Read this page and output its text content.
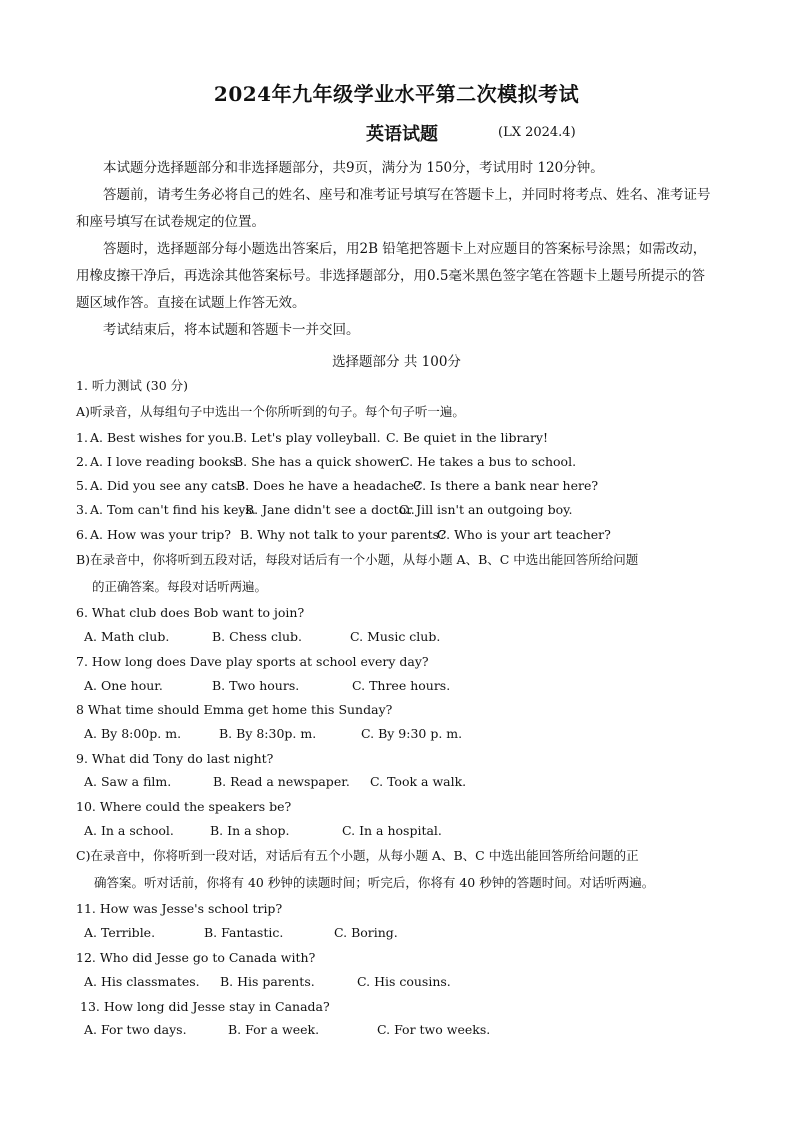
2024年九年级学业水平第二次模拟考试
英语试题	(LX 2024.4)
本试题分选择题部分和非选择题部分，共9页，满分为 150分，考试用时 120分钟。
答题前，请考生务必将自己的姓名、座号和准考证号填写在答题卡上，并同时将考点、姓名、准考证号和座号填写在试卷规定的位置。
答题时，选择题部分每小题选出答案后，用2B 铅笔把答题卡上对应题目的答案标号涂黑；如需改动，用橡皮擦干净后，再选涂其他答案标号。非选择题部分，用0.5毫米黑色签字笔在答题卡上题号所提示的答题区域作答。直接在试题上作答无效。
考试结束后，将本试题和答题卡一并交回。
选择题部分 共 100分
1. 听力测试 (30 分)
A)听录音，从每组句子中选出一个你所听到的句子。每个句子听一遍。
1. A. Best wishes for you. B. Let's play volleyball. C. Be quiet in the library!
2. A. I love reading books.
B. She has a quick shower.
C. He takes a bus to school.
5. A. Did you see any cats?
B. Does he have a headache?
C. Is there a bank near here?
3. A. Tom can't find his keys.
B. Jane didn't see a doctor.
C. Jill isn't an outgoing boy.
6. A. How was your trip? B. Why not talk to your parents?
C. Who is your art teacher?
B)在录音中，你将听到五段对话，每段对话后有一个小题，从每小题 A、B、C 中选出能回答所给问题
的正确答案。每段对话听两遍。
6. What club does Bob want to join?
A. Math club.	B. Chess club.	C. Music club.
7. How long does Dave play sports at school every day?
A. One hour.	B. Two hours.	C. Three hours.
8 What time should Emma get home this Sunday?
A. By 8:00p. m.	B. By 8:30p. m.	C. By 9:30 p. m.
9. What did Tony do last night?
A. Saw a film.	B. Read a newspaper. C. Took a walk.
10. Where could the speakers be?
A. In a school.	B. In a shop.	C. In a hospital.
C)在录音中，你将听到一段对话，对话后有五个小题，从每小题 A、B、C 中选出能回答所给问题的正
确答案。听对话前，你将有 40 秒钟的读题时间；听完后，你将有 40 秒钟的答题时间。对话听两遍。
11. How was Jesse's school trip?
A. Terrible.	B. Fantastic.	C. Boring.
12. Who did Jesse go to Canada with?
A. His classmates. B. His parents.	C. His cousins.
13. How long did Jesse stay in Canada?
A. For two days.	B. For a week.	C. For two weeks.
